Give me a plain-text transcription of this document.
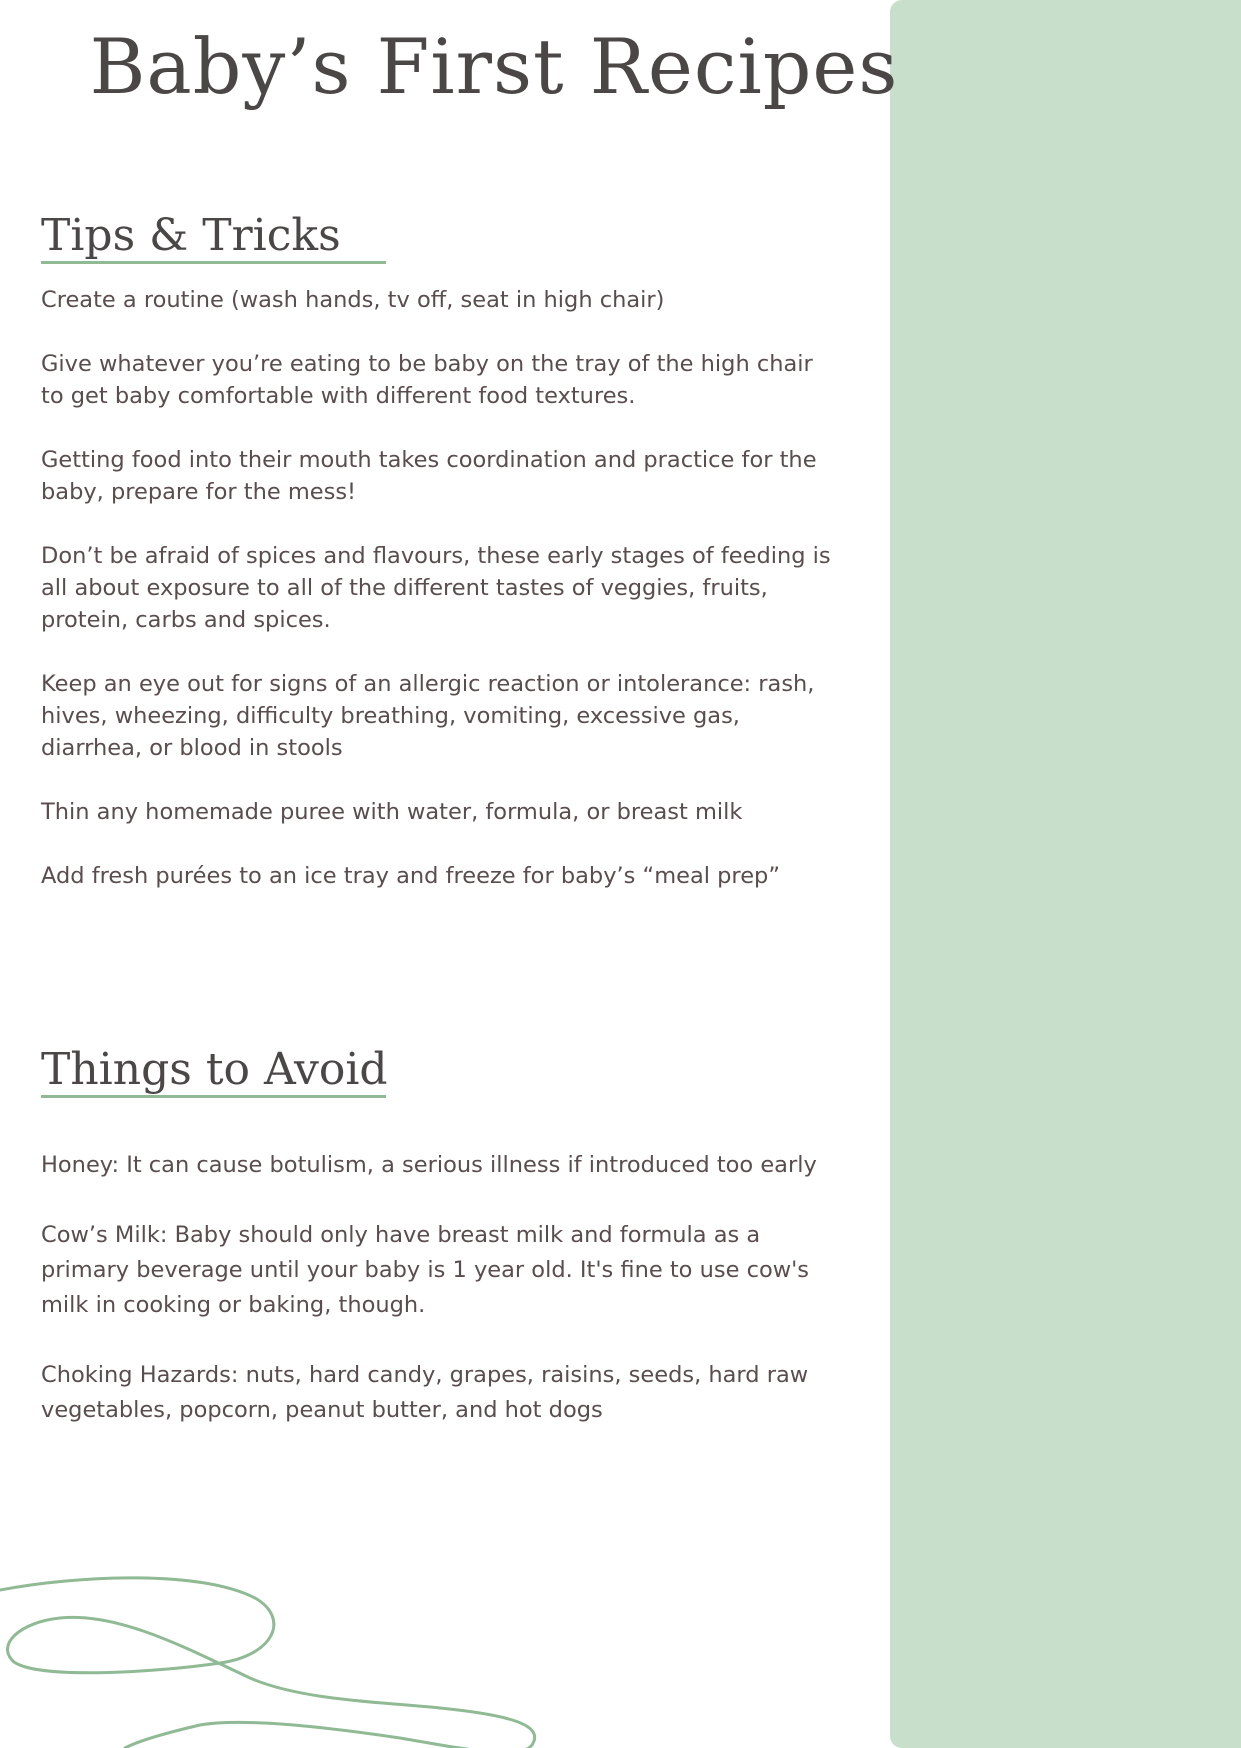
Baby’s First Recipes
Tips & Tricks
Create a routine (wash hands, tv off, seat in high chair)
Give whatever you’re eating to be baby on the tray of the high chair to get baby comfortable with different food textures.
Getting food into their mouth takes coordination and practice for the baby, prepare for the mess!
Don’t be afraid of spices and flavours, these early stages of feeding is all about exposure to all of the different tastes of veggies, fruits, protein, carbs and spices.
Keep an eye out for signs of an allergic reaction or intolerance: rash, hives, wheezing, difficulty breathing, vomiting, excessive gas, diarrhea, or blood in stools
Thin any homemade puree with water, formula, or breast milk
Add fresh purées to an ice tray and freeze for baby’s “meal prep”
Things to Avoid
Honey: It can cause botulism, a serious illness if introduced too early
Cow’s Milk: Baby should only have breast milk and formula as a primary beverage until your baby is 1 year old. It's fine to use cow's milk in cooking or baking, though.
Choking Hazards: nuts, hard candy, grapes, raisins, seeds, hard raw vegetables, popcorn, peanut butter, and hot dogs
